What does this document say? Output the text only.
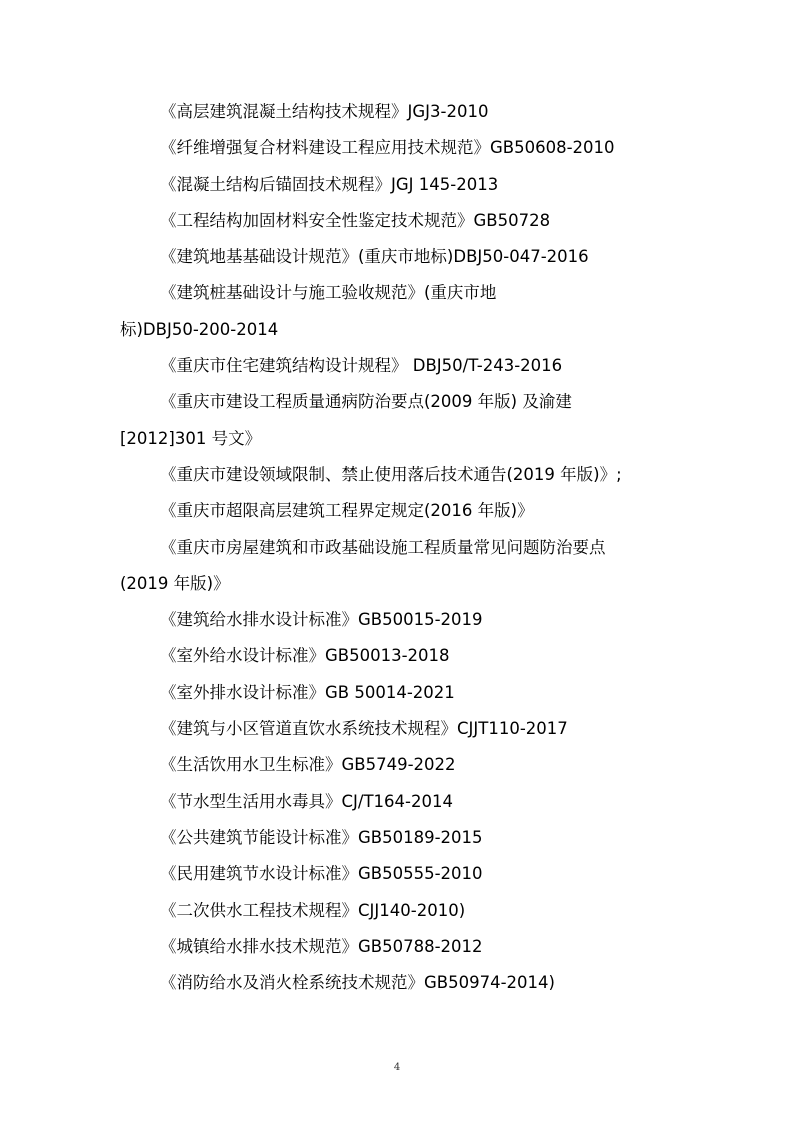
《高层建筑混凝土结构技术规程》JGJ3-2010
《纤维增强复合材料建设工程应用技术规范》GB50608-2010
《混凝土结构后锚固技术规程》JGJ 145-2013
《工程结构加固材料安全性鉴定技术规范》GB50728
《建筑地基基础设计规范》(重庆市地标)DBJ50-047-2016
《建筑桩基础设计与施工验收规范》(重庆市地
标)DBJ50-200-2014
《重庆市住宅建筑结构设计规程》 DBJ50/T-243-2016
《重庆市建设工程质量通病防治要点(2009 年版) 及渝建
[2012]301 号文》
《重庆市建设领域限制、禁止使用落后技术通告(2019 年版)》;
《重庆市超限高层建筑工程界定规定(2016 年版)》
《重庆市房屋建筑和市政基础设施工程质量常见问题防治要点
(2019 年版)》
《建筑给水排水设计标准》GB50015-2019
《室外给水设计标准》GB50013-2018
《室外排水设计标准》GB 50014-2021
《建筑与小区管道直饮水系统技术规程》CJJT110-2017
《生活饮用水卫生标准》GB5749-2022
《节水型生活用水毒具》CJ/T164-2014
《公共建筑节能设计标准》GB50189-2015
《民用建筑节水设计标准》GB50555-2010
《二次供水工程技术规程》CJJ140-2010)
《城镇给水排水技术规范》GB50788-2012
《消防给水及消火栓系统技术规范》GB50974-2014)
4
